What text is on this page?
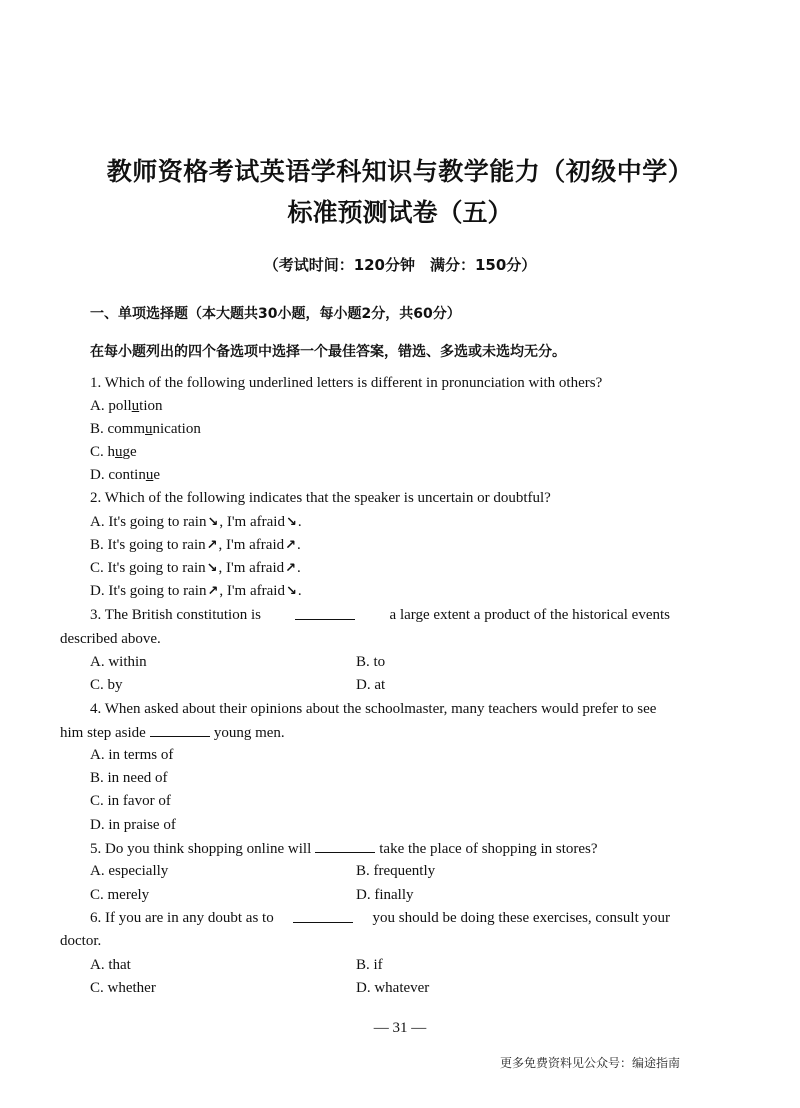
教师资格考试英语学科知识与教学能力（初级中学）
标准预测试卷（五）
（考试时间：120分钟　满分：150分）
一、单项选择题（本大题共30小题，每小题2分，共60分）
在每小题列出的四个备选项中选择一个最佳答案，错选、多选或未选均无分。
1. Which of the following underlined letters is different in pronunciation with others?
A. pollution
B. communication
C. huge
D. continue
2. Which of the following indicates that the speaker is uncertain or doubtful?
A. It's going to rain↘, I'm afraid↘.
B. It's going to rain↗, I'm afraid↗.
C. It's going to rain↘, I'm afraid↗.
D. It's going to rain↗, I'm afraid↘.
3. The British constitution is	a large extent a product of the historical events
described above.
A. within	B. to
C. by	D. at
4. When asked about their opinions about the schoolmaster, many teachers would prefer to see
him step aside	young men.
A. in terms of
B. in need of
C. in favor of
D. in praise of
5. Do you think shopping online will	take the place of shopping in stores?
A. especially	B. frequently
C. merely	D. finally
6. If you are in any doubt as to	you should be doing these exercises, consult your
doctor.
A. that	B. if
C. whether	D. whatever
— 31 —
更多免费资料见公众号：编途指南
